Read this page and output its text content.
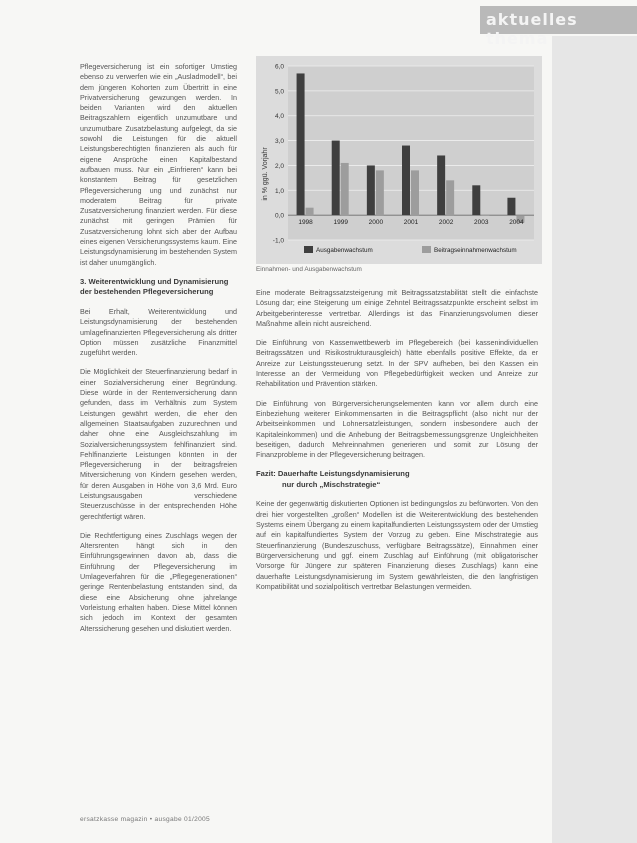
aktuelles thema

Pflegeversicherung ist ein sofortiger Umstieg ebenso zu verwerfen wie ein „Ausladmodell“, bei dem jüngeren Kohorten zum Übertritt in eine Privatversicherung gewzungen werden. In beiden Varianten wird den aktuellen Beitragszahlern eigentlich unzumutbare und unzumutbare Zusatzbelastung aufgelegt, da sie sowohl die Leistungen für die aktuell Leistungsberechtigten finanzieren als auch für eigene Ansprüche einen Kapitalbestand aufbauen muss. Nur ein „Einfrieren“ kann bei konstantem Beitrag für gesetzlichen Pflegeversicherung ung und zunächst nur moderatem Beitrag für private Zusatzversicherung finanziert werden. Für diese zunächst mit geringen Prämien für Zusatzversicherung lohnt sich aber der Aufbau eines eigenen Versicherungssystems kaum. Eine Leistungsdynamisierung im bestehenden System ist daher unumgänglich.

3. Weiterentwicklung und Dynamisierung der bestehenden Pflegeversicherung

Bei Erhalt, Weiterentwicklung und Leistungsdynamisierung der bestehenden umlagefinanzierten Pflegeversicherung als dritter Option müssen zusätzliche Finanzmittel zugeführt werden.

Die Möglichkeit der Steuerfinanzierung bedarf in einer Sozialversicherung einer Begründung. Diese würde in der Rentenversicherung dann gefunden, dass im Verhältnis zum System Leistungen gewährt werden, die eher den allgemeinen Staatsaufgaben zuzurechnen und daher ohne eine Ausgleichszahlung im Sozialversicherungssystem fehlfinanziert sind. Fehlfinanzierte Leistungen könnten in der Pflegeversicherung in der beitragsfreien Mitversicherung von Kindern gesehen werden, für deren Ausgaben in Höhe von 3,6 Mrd. Euro Leistungsausgaben verschiedene Steuerzuschüsse in der entsprechenden Höhe gerechtfertigt wären.

Die Rechtfertigung eines Zuschlags wegen der Altersrenten hängt sich in den Einführungsgewinnen davon ab, dass die Einführung der Pflegeversicherung im Umlageverfahren für die „Pflegegenerationen“ geringe Rentenbelastung entstanden sind, da diese eine Absicherung ohne jahrelange Vorleistung erhalten haben. Diese Mittel können sich jedoch im Kontext der gesamten Alterssicherung gesehen und diskutiert werden.

6,0
5,0
4,0
3,0
2,0
1,0
0,0
-1,0
1998	1999	2000	2001	2002	2003	2004
Ausgabenwachstum	Beitragseinnahmenwachstum
in % ggü. Vorjahr
Einnahmen- und Ausgabenwachstum

Eine moderate Beitragssatzsteigerung mit Beitragssatzstabilität stellt die einfachste Lösung dar; eine Steigerung um einige Zehntel Beitragssatzpunkte erscheint selbst im Arbeitgeberinteresse vertretbar. Allerdings ist das Finanzierungsvolumen dieser Maßnahme allein nicht ausreichend.

Die Einführung von Kassenwettbewerb im Pflegebereich (bei kassenindividuellen Beitragssätzen und Risikostrukturausgleich) hätte ebenfalls positive Effekte, da er Anreize zur Leistungssteuerung setzt. In der SPV aufheben, bei den Kassen ein Interesse an der Vermeidung von Pflegebedürftigkeit wecken und Anreize zur Rehabilitation und Prävention stärken.

Die Einführung von Bürgerversicherungselementen kann vor allem durch eine Einbeziehung weiterer Einkommensarten in die Beitragspflicht (also nicht nur der Arbeitseinkommen und Lohnersatzleistungen, sondern insbesondere auch der Kapitaleinkommen) und die Anhebung der Beitragsbemessungsgrenze Ungleichheiten beseitigen, dadurch Mehreinnahmen generieren und somit zur Lösung der Finanzprobleme in der Pflegeversicherung beitragen.

Fazit: Dauerhafte Leistungsdynamisierung
nur durch „Mischstrategie“

Keine der gegenwärtig diskutierten Optionen ist bedingungslos zu befürworten. Von den drei hier vorgestellten „großen“ Modellen ist die Weiterentwicklung des bestehenden Systems einem Übergang zu einem kapitalfundierten Leistungssystem oder der Umstieg auf ein kapitalfundiertes System der Vorzug zu geben. Eine Mischstrategie aus Steuerfinanzierung (Bundeszuschuss, verfügbare Beitragssätze), Einnahmen einer Bürgerversicherung und ggf. einem Zuschlag auf Einführung (mit obligatorischer Vorsorge für Jüngere zur späteren Finanzierung dieses Zuschlags) kann eine dauerhafte Leistungsdynamisierung im System gewährleisten, die den langfristigen Kompatibilität und sozialpolitisch vertretbar Belastungen vermeiden.

ersatzkasse magazin • ausgabe 01/2005
